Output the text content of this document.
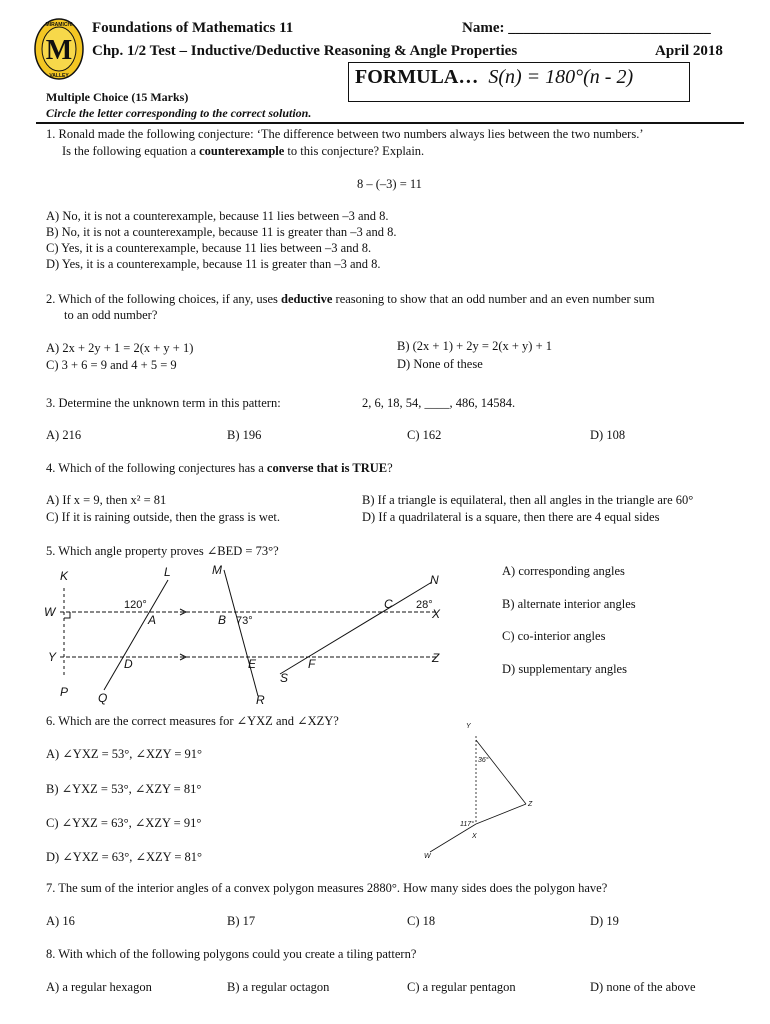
M
MIRAMICHI
VALLEY
Foundations of Mathematics 11	Name: ___________________________
Chp. 1/2 Test – Inductive/Deductive Reasoning & Angle Properties	April 2018
FORMULA… S(n) = 180°(n - 2)
Multiple Choice (15 Marks)
Circle the letter corresponding to the correct solution.
1. Ronald made the following conjecture: ‘The difference between two numbers always lies between the two numbers.’
Is the following equation a counterexample to this conjecture? Explain.
8 – (–3) = 11
A) No, it is not a counterexample, because 11 lies between –3 and 8.
B) No, it is not a counterexample, because 11 is greater than –3 and 8.
C) Yes, it is a counterexample, because 11 lies between –3 and 8.
D) Yes, it is a counterexample, because 11 is greater than –3 and 8.
2. Which of the following choices, if any, uses deductive reasoning to show that an odd number and an even number sum
to an odd number?
A) 2x + 2y + 1 = 2(x + y + 1)	B) (2x + 1) + 2y = 2(x + y) + 1
C) 3 + 6 = 9 and 4 + 5 = 9	D) None of these
3. Determine the unknown term in this pattern:	2, 6, 18, 54, ____, 486, 14584.
A) 216	B) 196	C) 162	D) 108
4. Which of the following conjectures has a converse that is TRUE?
A) If x = 9, then x² = 81	B) If a triangle is equilateral, then all angles in the triangle are 60°
C) If it is raining outside, then the grass is wet.	D) If a quadrilateral is a square, then there are 4 equal sides
5. Which angle property proves ∠BED = 73°?
A) corresponding angles
B) alternate interior angles
C) co-interior angles
D) supplementary angles
K	L	M
N
W	X
Y	Z
P Q	R
S
A	B
C
D	E	F
120°
73°
28°
6. Which are the correct measures for ∠YXZ and ∠XZY?
A) ∠YXZ = 53°, ∠XZY = 91°
B) ∠YXZ = 53°, ∠XZY = 81°
C) ∠YXZ = 63°, ∠XZY = 91°
D) ∠YXZ = 63°, ∠XZY = 81°
Y
36°
117°
Z
X
W
7. The sum of the interior angles of a convex polygon measures 2880°. How many sides does the polygon have?
A) 16	B) 17	C) 18	D) 19
8. With which of the following polygons could you create a tiling pattern?
A) a regular hexagon	B) a regular octagon	C) a regular pentagon	D) none of the above
